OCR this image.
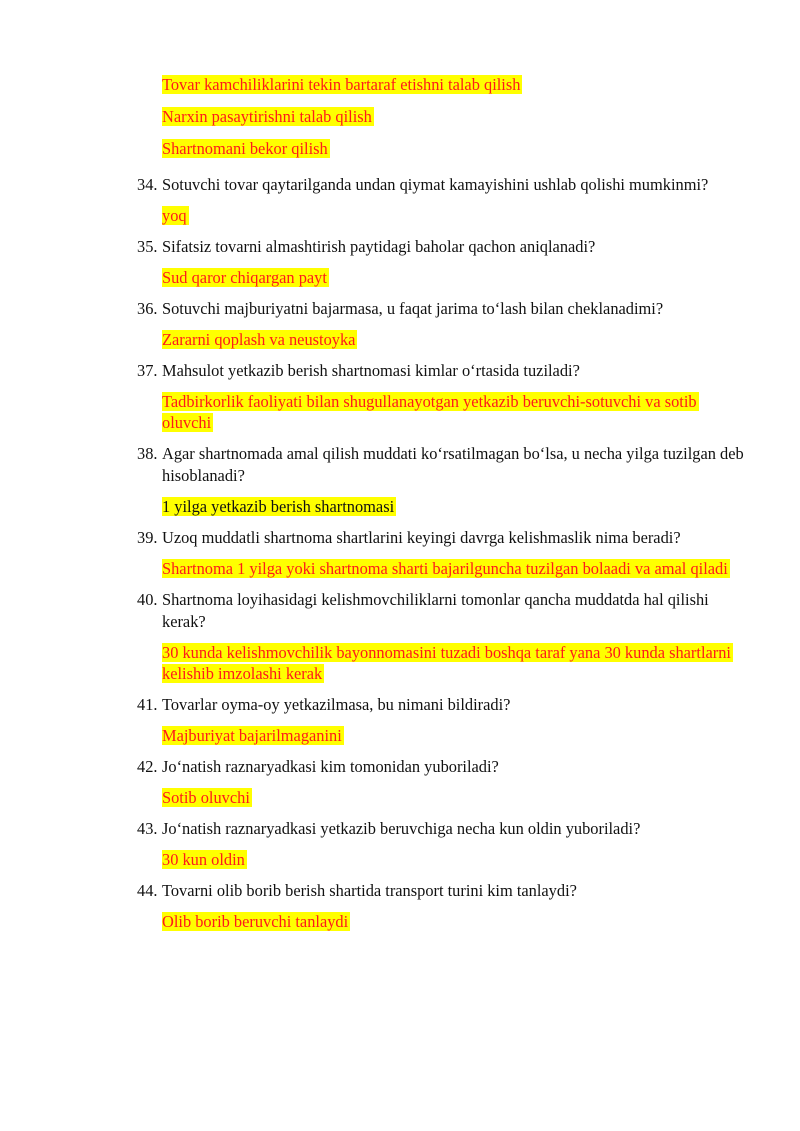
Tovar kamchiliklarini tekin bartaraf etishni talab qilish
Narxin pasaytirishni talab qilish
Shartnomani bekor qilish
34. Sotuvchi tovar qaytarilganda undan qiymat kamayishini ushlab qolishi mumkinmi?
yoq
35. Sifatsiz tovarni almashtirish paytidagi baholar qachon aniqlanadi?
Sud qaror chiqargan payt
36. Sotuvchi majburiyatni bajarmasa, u faqat jarima to‘lash bilan cheklanadimi?
Zararni qoplash va neustoyka
37. Mahsulot yetkazib berish shartnomasi kimlar o‘rtasida tuziladi?
Tadbirkorlik faoliyati bilan shugullanayotgan yetkazib beruvchi-sotuvchi va sotib oluvchi
38. Agar shartnomada amal qilish muddati ko‘rsatilmagan bo‘lsa, u necha yilga tuzilgan deb hisoblanadi?
1 yilga yetkazib berish shartnomasi
39. Uzoq muddatli shartnoma shartlarini keyingi davrga kelishmaslik nima beradi?
Shartnoma 1 yilga yoki shartnoma sharti bajarilguncha tuzilgan bolaadi va amal qiladi
40. Shartnoma loyihasidagi kelishmovchiliklarni tomonlar qancha muddatda hal qilishi kerak?
30 kunda kelishmovchilik bayonnomasini tuzadi boshqa taraf yana 30 kunda shartlarni kelishib imzolashi kerak
41. Tovarlar oyma-oy yetkazilmasa, bu nimani bildiradi?
Majburiyat bajarilmaganini
42. Jo‘natish raznaryadkasi kim tomonidan yuboriladi?
Sotib oluvchi
43. Jo‘natish raznaryadkasi yetkazib beruvchiga necha kun oldin yuboriladi?
30 kun oldin
44. Tovarni olib borib berish shartida transport turini kim tanlaydi?
Olib borib beruvchi tanlaydi
